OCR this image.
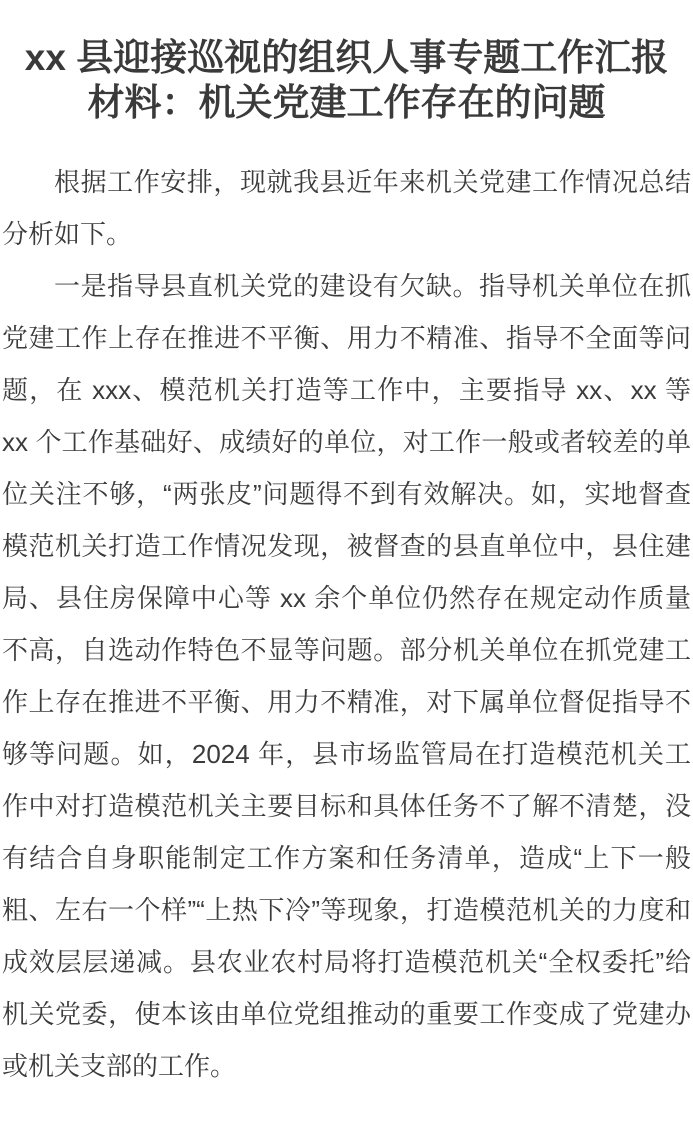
xx 县迎接巡视的组织人事专题工作汇报材料：机关党建工作存在的问题

根据工作安排，现就我县近年来机关党建工作情况总结分析如下。

一是指导县直机关党的建设有欠缺。指导机关单位在抓党建工作上存在推进不平衡、用力不精准、指导不全面等问题，在 xxx、模范机关打造等工作中，主要指导 xx、xx 等 xx 个工作基础好、成绩好的单位，对工作一般或者较差的单位关注不够，“两张皮”问题得不到有效解决。如，实地督查模范机关打造工作情况发现，被督查的县直单位中，县住建局、县住房保障中心等 xx 余个单位仍然存在规定动作质量不高，自选动作特色不显等问题。部分机关单位在抓党建工作上存在推进不平衡、用力不精准，对下属单位督促指导不够等问题。如，2024 年，县市场监管局在打造模范机关工作中对打造模范机关主要目标和具体任务不了解不清楚，没有结合自身职能制定工作方案和任务清单，造成“上下一般粗、左右一个样”“上热下冷”等现象，打造模范机关的力度和成效层层递减。县农业农村局将打造模范机关“全权委托”给机关党委，使本该由单位党组推动的重要工作变成了党建办或机关支部的工作。
